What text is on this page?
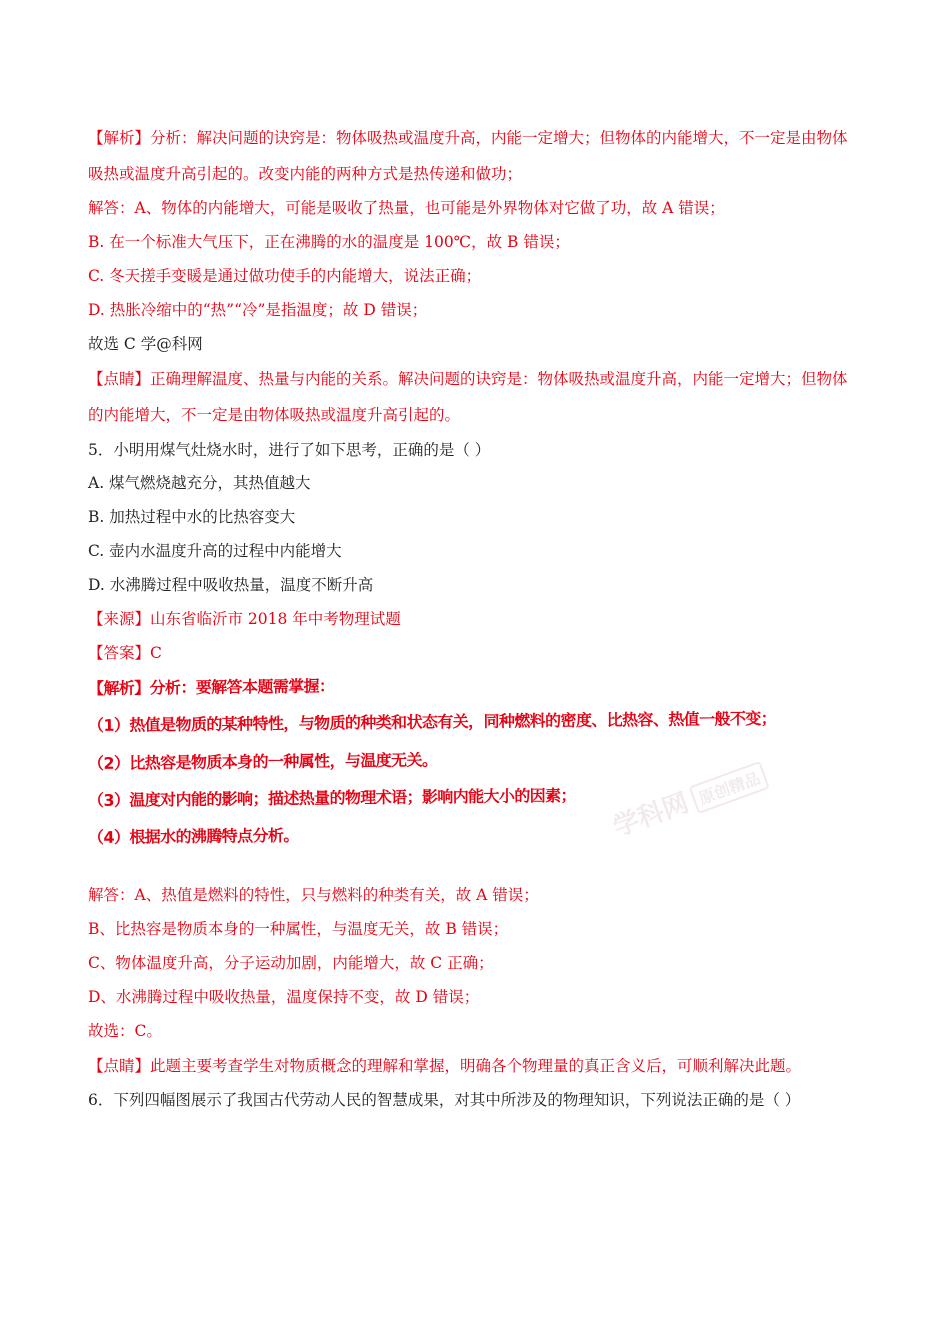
学科网 原创精品
【解析】分析：解决问题的诀窍是：物体吸热或温度升高，内能一定增大；但物体的内能增大，不一定是由物体
吸热或温度升高引起的。改变内能的两种方式是热传递和做功；
解答：A、物体的内能增大，可能是吸收了热量，也可能是外界物体对它做了功，故 A 错误；
B. 在一个标准大气压下，正在沸腾的水的温度是 100℃，故 B 错误；
C. 冬天搓手变暖是通过做功使手的内能增大，说法正确；
D. 热胀冷缩中的“热”“冷”是指温度；故 D 错误；
故选 C 学@科网
【点睛】正确理解温度、热量与内能的关系。解决问题的诀窍是：物体吸热或温度升高，内能一定增大；但物体
的内能增大，不一定是由物体吸热或温度升高引起的。
5．小明用煤气灶烧水时，进行了如下思考，正确的是（ ）
A. 煤气燃烧越充分，其热值越大
B. 加热过程中水的比热容变大
C. 壶内水温度升高的过程中内能增大
D. 水沸腾过程中吸收热量，温度不断升高
【来源】山东省临沂市 2018 年中考物理试题
【答案】C
【解析】分析：要解答本题需掌握：
（1）热值是物质的某种特性，与物质的种类和状态有关，同种燃料的密度、比热容、热值一般不变；
（2）比热容是物质本身的一种属性，与温度无关。
（3）温度对内能的影响；描述热量的物理术语；影响内能大小的因素；
（4）根据水的沸腾特点分析。
解答：A、热值是燃料的特性，只与燃料的种类有关，故 A 错误；
B、比热容是物质本身的一种属性，与温度无关，故 B 错误；
C、物体温度升高，分子运动加剧，内能增大，故 C 正确；
D、水沸腾过程中吸收热量，温度保持不变，故 D 错误；
故选：C。
【点睛】此题主要考查学生对物质概念的理解和掌握，明确各个物理量的真正含义后，可顺利解决此题。
6．下列四幅图展示了我国古代劳动人民的智慧成果，对其中所涉及的物理知识，下列说法正确的是（ ）
